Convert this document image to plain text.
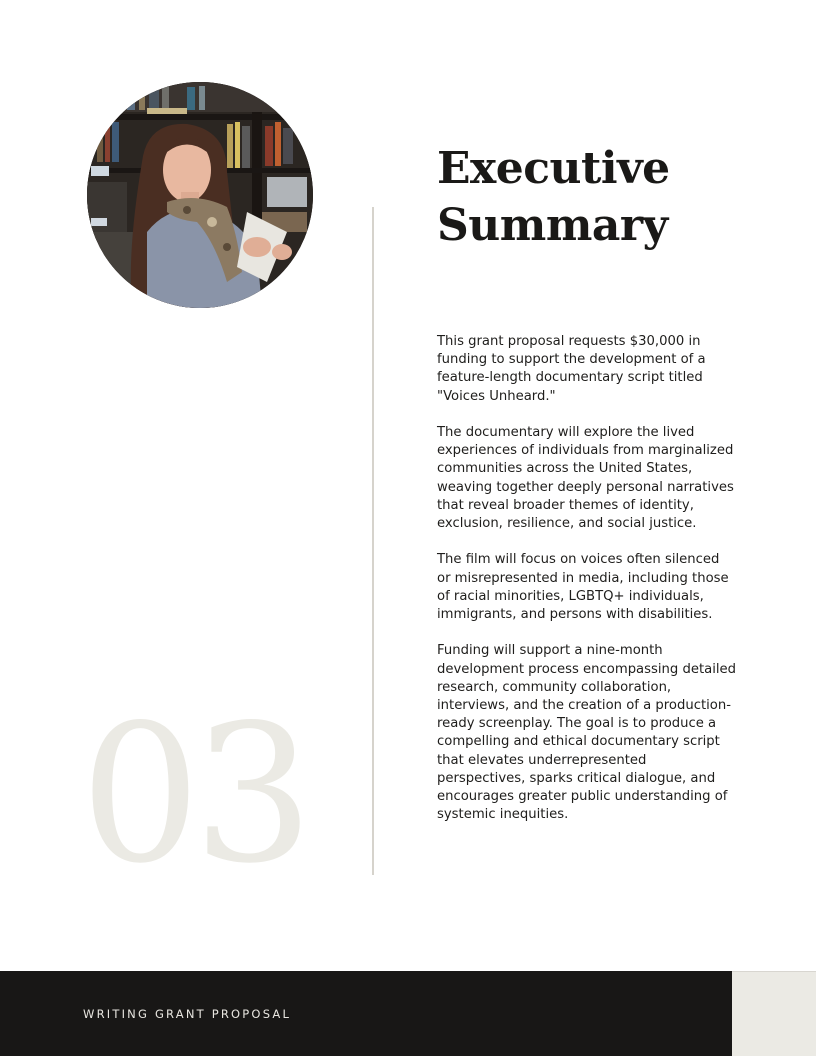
03
Executive
Summary

This grant proposal requests $30,000 in funding to support the development of a feature-length documentary script titled "Voices Unheard."

The documentary will explore the lived experiences of individuals from marginalized communities across the United States, weaving together deeply personal narratives that reveal broader themes of identity, exclusion, resilience, and social justice.

The film will focus on voices often silenced or misrepresented in media, including those of racial minorities, LGBTQ+ individuals, immigrants, and persons with disabilities.

Funding will support a nine-month development process encompassing detailed research, community collaboration, interviews, and the creation of a production-ready screenplay. The goal is to produce a compelling and ethical documentary script that elevates underrepresented perspectives, sparks critical dialogue, and encourages greater public understanding of systemic inequities.

WRITING GRANT PROPOSAL
